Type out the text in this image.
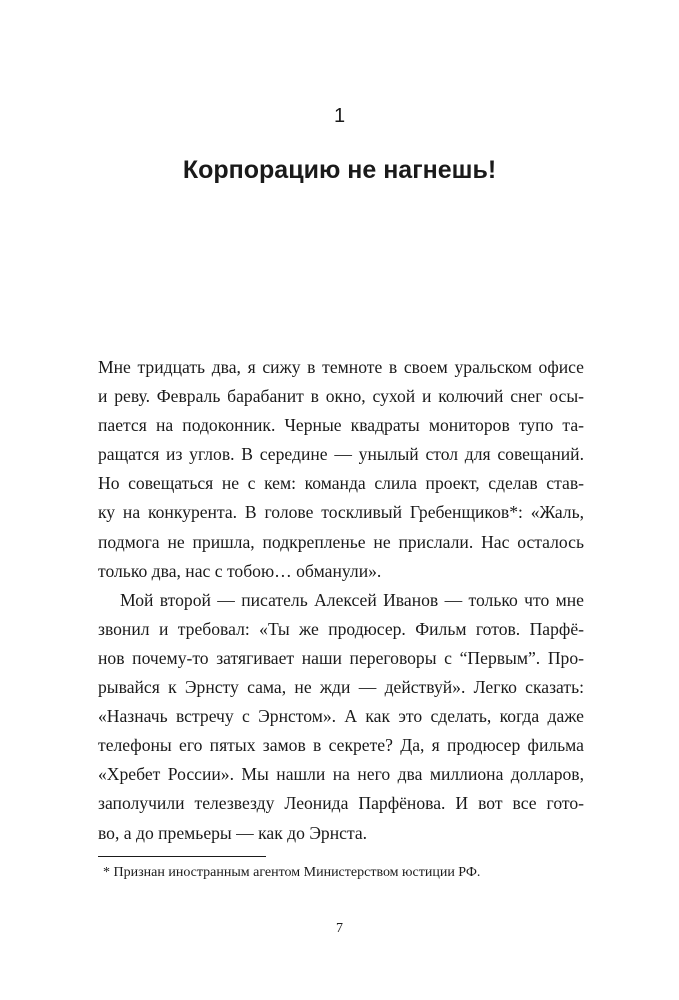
1
Корпорацию не нагнешь!
Мне тридцать два, я сижу в темноте в своем уральском офисе
и реву. Февраль барабанит в окно, сухой и колючий снег осы-
пается на подоконник. Черные квадраты мониторов тупо та-
ращатся из углов. В середине — унылый стол для совещаний.
Но совещаться не с кем: команда слила проект, сделав став-
ку на конкурента. В голове тоскливый Гребенщиков*: «Жаль,
подмога не пришла, подкрепленье не прислали. Нас осталось
только два, нас с тобою… обманули».
Мой второй — писатель Алексей Иванов — только что мне
звонил и требовал: «Ты же продюсер. Фильм готов. Парфё-
нов почему-то затягивает наши переговоры с “Первым”. Про-
рывайся к Эрнсту сама, не жди — действуй». Легко сказать:
«Назначь встречу с Эрнстом». А как это сделать, когда даже
телефоны его пятых замов в секрете? Да, я продюсер фильма
«Хребет России». Мы нашли на него два миллиона долларов,
заполучили телезвезду Леонида Парфёнова. И вот все гото-
во, а до премьеры — как до Эрнста.
* Признан иностранным агентом Министерством юстиции РФ.
7
